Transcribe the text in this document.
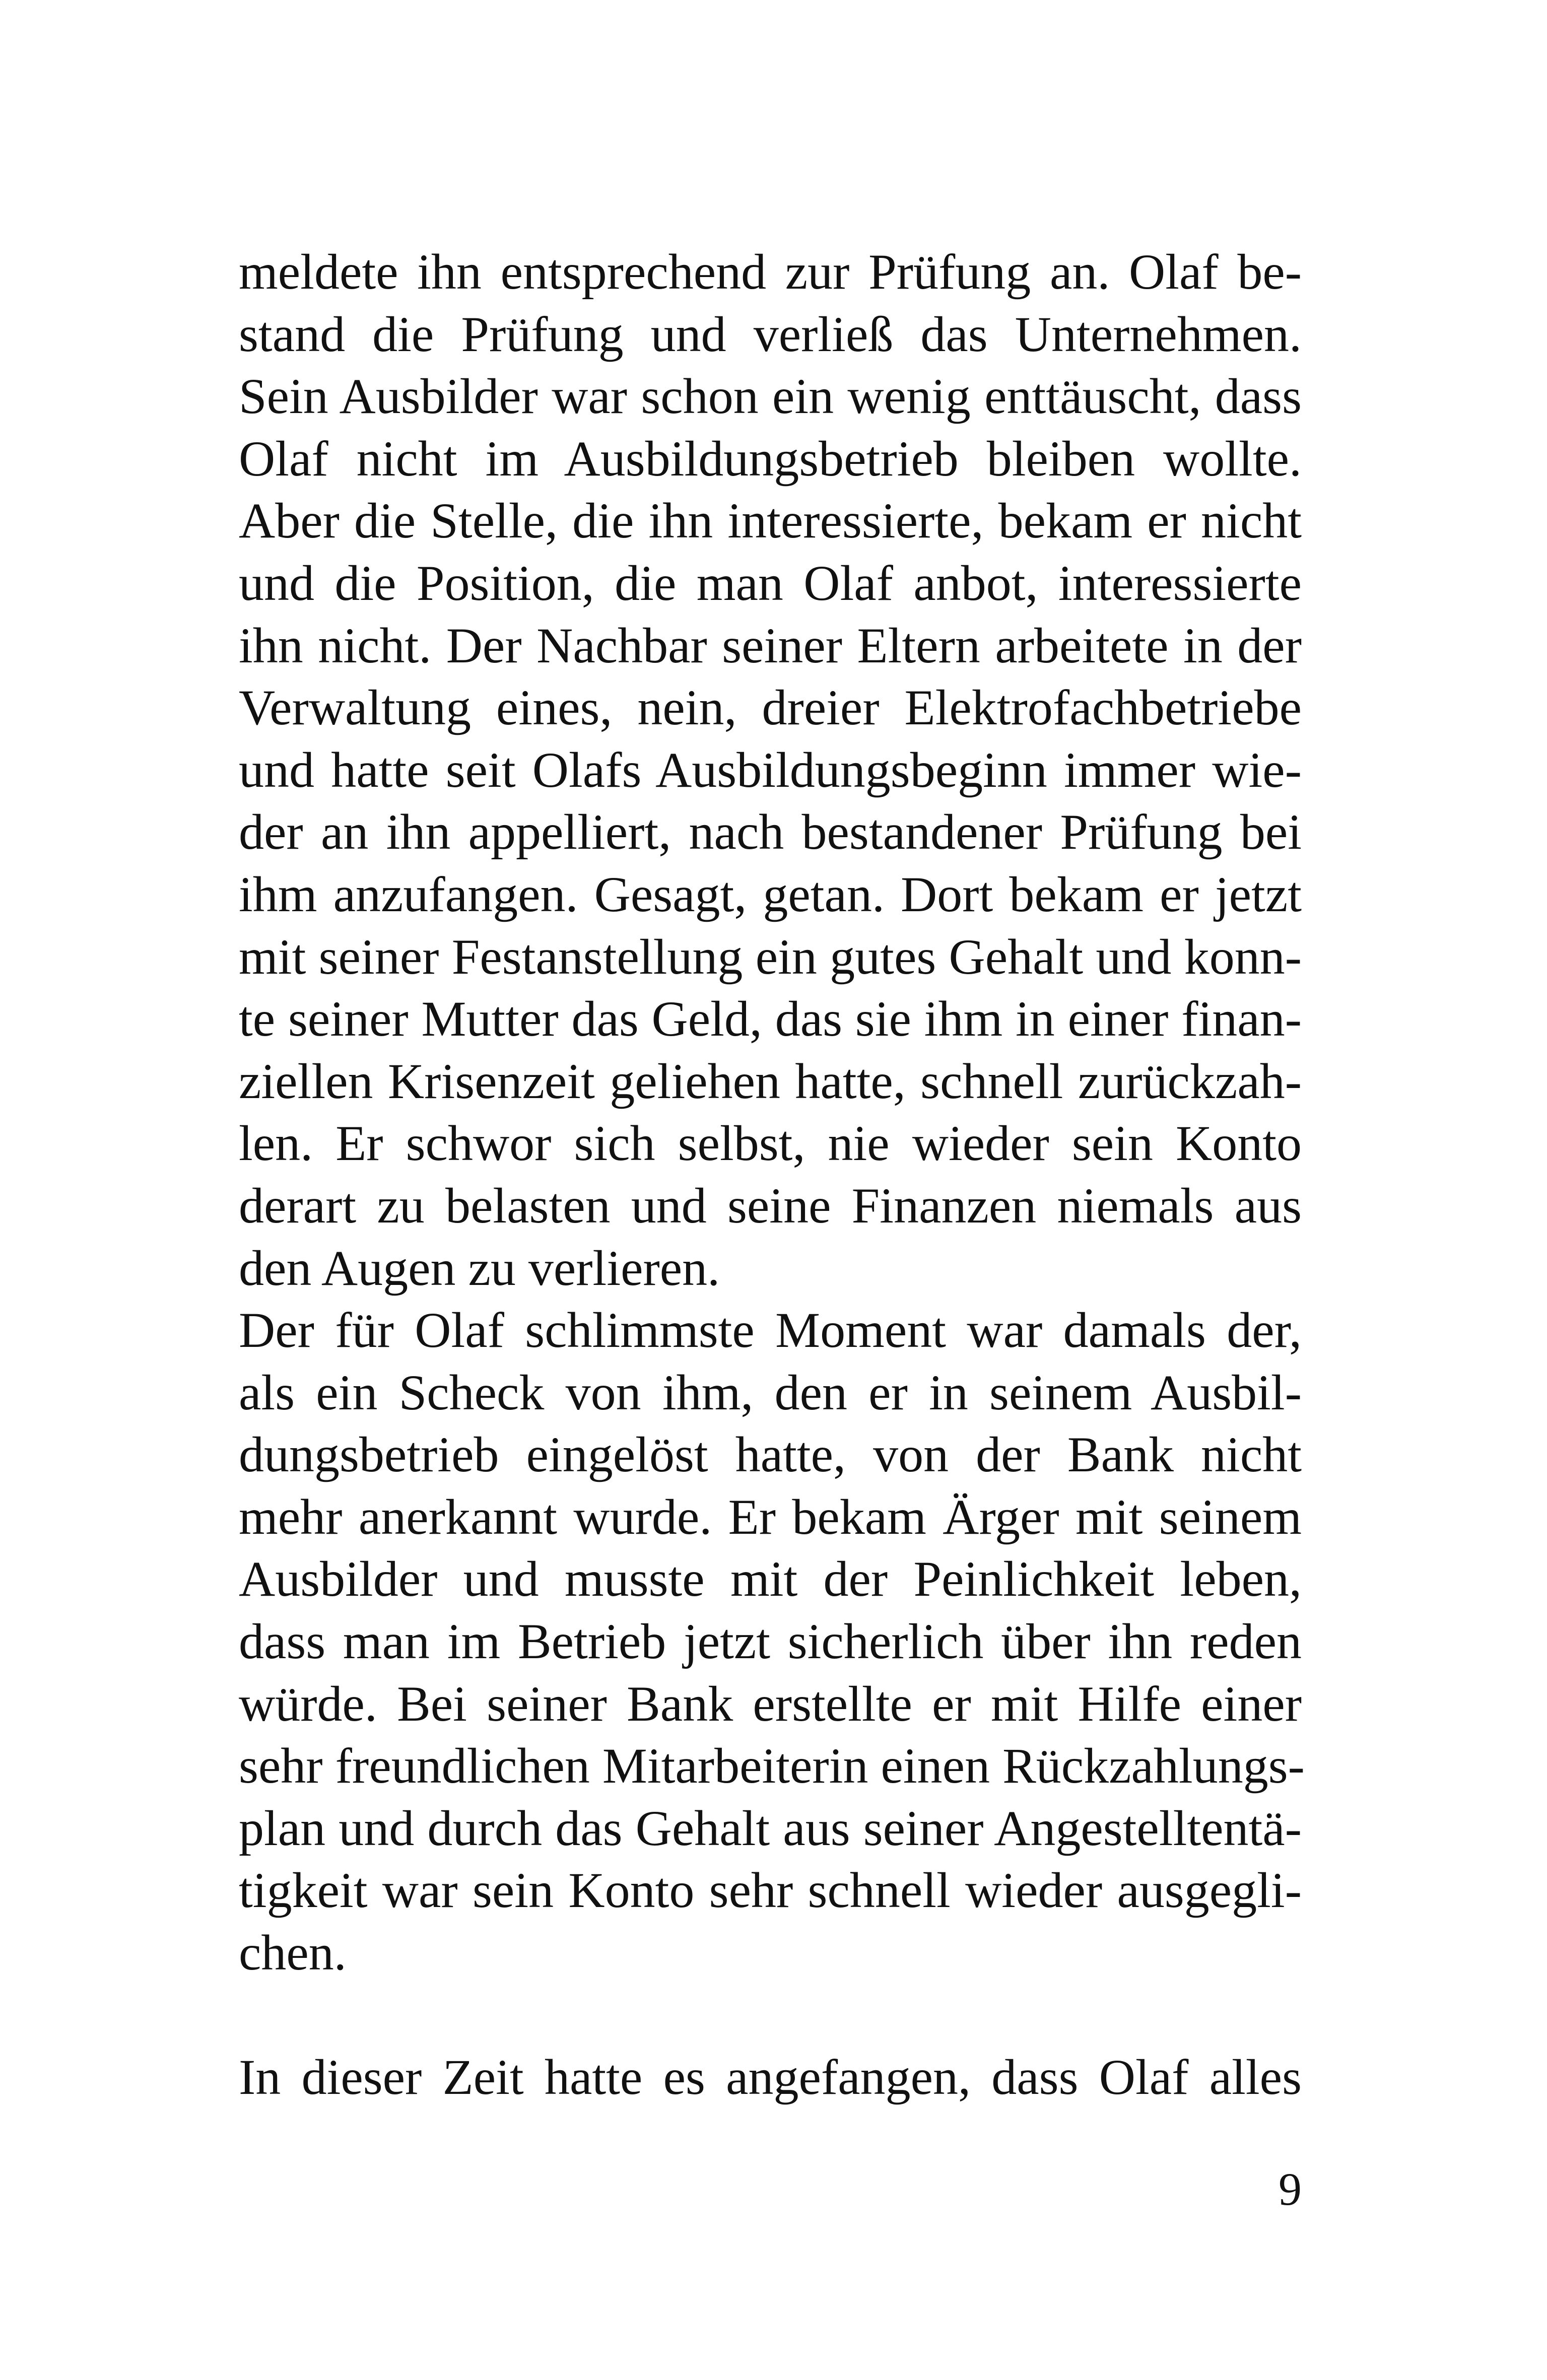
meldete ihn entsprechend zur Prüfung an. Olaf be-
stand die Prüfung und verließ das Unternehmen.
Sein Ausbilder war schon ein wenig enttäuscht, dass
Olaf nicht im Ausbildungsbetrieb bleiben wollte.
Aber die Stelle, die ihn interessierte, bekam er nicht
und die Position, die man Olaf anbot, interessierte
ihn nicht. Der Nachbar seiner Eltern arbeitete in der
Verwaltung eines, nein, dreier Elektrofachbetriebe
und hatte seit Olafs Ausbildungsbeginn immer wie-
der an ihn appelliert, nach bestandener Prüfung bei
ihm anzufangen. Gesagt, getan. Dort bekam er jetzt
mit seiner Festanstellung ein gutes Gehalt und konn-
te seiner Mutter das Geld, das sie ihm in einer finan-
ziellen Krisenzeit geliehen hatte, schnell zurückzah-
len. Er schwor sich selbst, nie wieder sein Konto
derart zu belasten und seine Finanzen niemals aus
den Augen zu verlieren.
Der für Olaf schlimmste Moment war damals der,
als ein Scheck von ihm, den er in seinem Ausbil-
dungsbetrieb eingelöst hatte, von der Bank nicht
mehr anerkannt wurde. Er bekam Ärger mit seinem
Ausbilder und musste mit der Peinlichkeit leben,
dass man im Betrieb jetzt sicherlich über ihn reden
würde. Bei seiner Bank erstellte er mit Hilfe einer
sehr freundlichen Mitarbeiterin einen Rückzahlungs-
plan und durch das Gehalt aus seiner Angestelltentä-
tigkeit war sein Konto sehr schnell wieder ausgegli-
chen.
In dieser Zeit hatte es angefangen, dass Olaf alles
9
